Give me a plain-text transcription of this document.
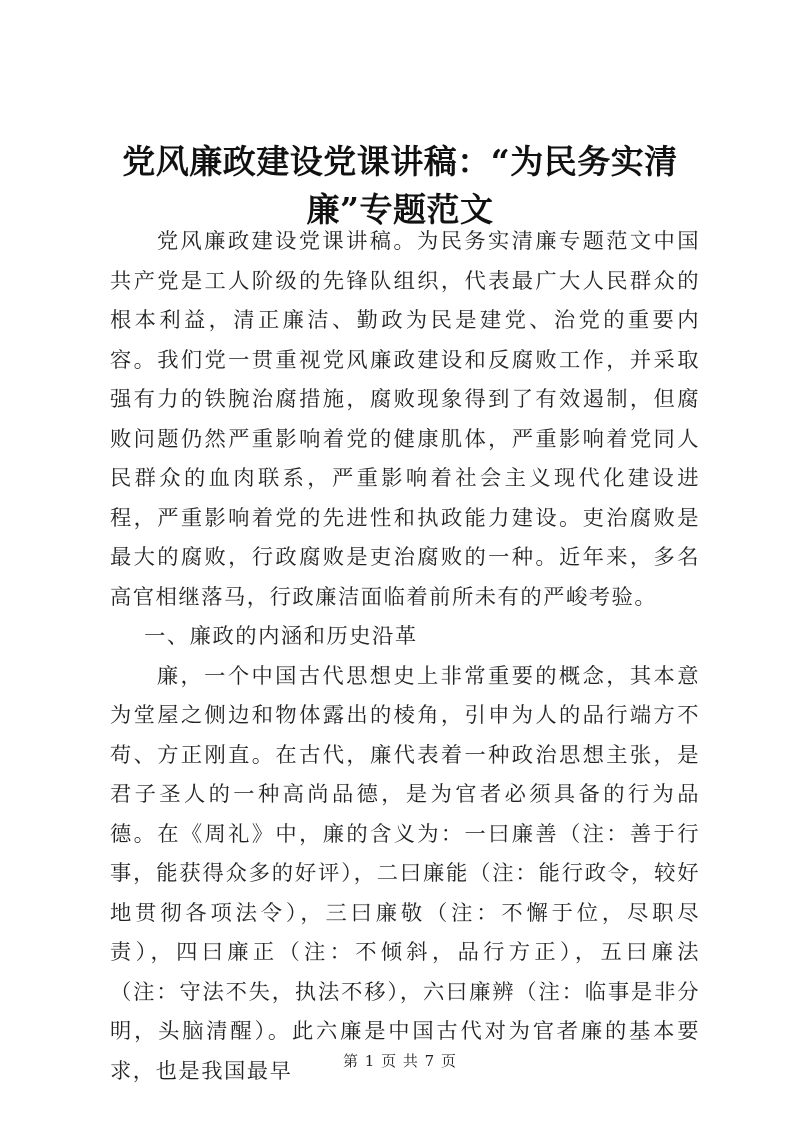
党风廉政建设党课讲稿：“为民务实清廉”专题范文

党风廉政建设党课讲稿。为民务实清廉专题范文中国共产党是工人阶级的先锋队组织，代表最广大人民群众的根本利益，清正廉洁、勤政为民是建党、治党的重要内容。我们党一贯重视党风廉政建设和反腐败工作，并采取强有力的铁腕治腐措施，腐败现象得到了有效遏制，但腐败问题仍然严重影响着党的健康肌体，严重影响着党同人民群众的血肉联系，严重影响着社会主义现代化建设进程，严重影响着党的先进性和执政能力建设。吏治腐败是最大的腐败，行政腐败是吏治腐败的一种。近年来，多名高官相继落马，行政廉洁面临着前所未有的严峻考验。

一、廉政的内涵和历史沿革

廉，一个中国古代思想史上非常重要的概念，其本意为堂屋之侧边和物体露出的棱角，引申为人的品行端方不苟、方正刚直。在古代，廉代表着一种政治思想主张，是君子圣人的一种高尚品德，是为官者必须具备的行为品德。在《周礼》中，廉的含义为：一曰廉善（注：善于行事，能获得众多的好评），二曰廉能（注：能行政令，较好地贯彻各项法令），三曰廉敬（注：不懈于位，尽职尽责），四曰廉正（注：不倾斜，品行方正），五曰廉法（注：守法不失，执法不移），六曰廉辨（注：临事是非分明，头脑清醒）。此六廉是中国古代对为官者廉的基本要求，也是我国最早	第 1 页 共 7 页
